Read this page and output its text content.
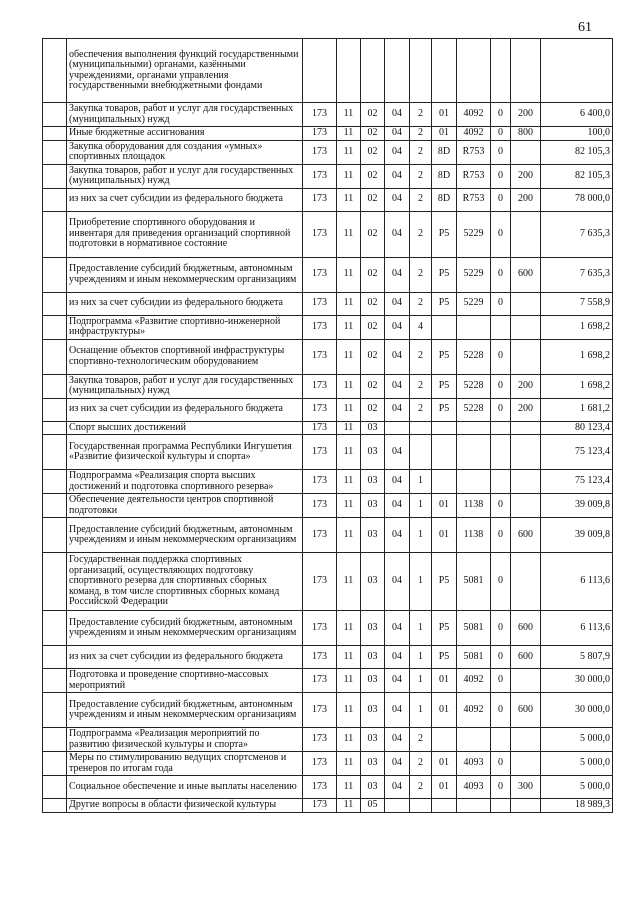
61
	обеспечения выполнения функций государственными (муниципальными) органами, казёнными учреждениями, органами управления государственными внебюджетными фондами										
	Закупка товаров, работ и услуг для государственных (муниципальных) нужд	173	11	02	04	2	01	4092	0	200	6 400,0
	Иные бюджетные ассигнования	173	11	02	04	2	01	4092	0	800	100,0
	Закупка оборудования для создания «умных» спортивных площадок	173	11	02	04	2	8D	R753	0		82 105,3
	Закупка товаров, работ и услуг для государственных (муниципальных) нужд	173	11	02	04	2	8D	R753	0	200	82 105,3
	из них за счет субсидии из федерального бюджета	173	11	02	04	2	8D	R753	0	200	78 000,0
	Приобретение спортивного оборудования и инвентаря для приведения организаций спортивной подготовки в нормативное состояние	173	11	02	04	2	P5	5229	0		7 635,3
	Предоставление субсидий бюджетным, автономным учреждениям и иным некоммерческим организациям	173	11	02	04	2	P5	5229	0	600	7 635,3
	из них за счет субсидии из федерального бюджета	173	11	02	04	2	P5	5229	0		7 558,9
	Подпрограмма «Развитие спортивно-инженерной инфраструктуры»	173	11	02	04	4					1 698,2
	Оснащение объектов спортивной инфраструктуры спортивно-технологическим оборудованием	173	11	02	04	2	P5	5228	0		1 698,2
	Закупка товаров, работ и услуг для государственных (муниципальных) нужд	173	11	02	04	2	P5	5228	0	200	1 698,2
	из них за счет субсидии из федерального бюджета	173	11	02	04	2	P5	5228	0	200	1 681,2
	Спорт высших достижений	173	11	03							80 123,4
	Государственная программа Республики Ингушетия «Развитие физической культуры и спорта»	173	11	03	04						75 123,4
	Подпрограмма «Реализация спорта высших достижений и подготовка спортивного резерва»	173	11	03	04	1					75 123,4
	Обеспечение деятельности центров спортивной подготовки	173	11	03	04	1	01	1138	0		39 009,8
	Предоставление субсидий бюджетным, автономным учреждениям и иным некоммерческим организациям	173	11	03	04	1	01	1138	0	600	39 009,8
	Государственная поддержка спортивных организаций, осуществляющих подготовку спортивного резерва для спортивных сборных команд, в том числе спортивных сборных команд Российской Федерации	173	11	03	04	1	P5	5081	0		6 113,6
	Предоставление субсидий бюджетным, автономным учреждениям и иным некоммерческим организациям	173	11	03	04	1	P5	5081	0	600	6 113,6
	из них за счет субсидии из федерального бюджета	173	11	03	04	1	P5	5081	0	600	5 807,9
	Подготовка и проведение спортивно-массовых мероприятий	173	11	03	04	1	01	4092	0		30 000,0
	Предоставление субсидий бюджетным, автономным учреждениям и иным некоммерческим организациям	173	11	03	04	1	01	4092	0	600	30 000,0
	Подпрограмма «Реализация мероприятий по развитию физической культуры и спорта»	173	11	03	04	2					5 000,0
	Меры по стимулированию ведущих спортсменов и тренеров по итогам года	173	11	03	04	2	01	4093	0		5 000,0
	Социальное обеспечение и иные выплаты населению	173	11	03	04	2	01	4093	0	300	5 000,0
	Другие вопросы в области физической культуры	173	11	05							18 989,3
